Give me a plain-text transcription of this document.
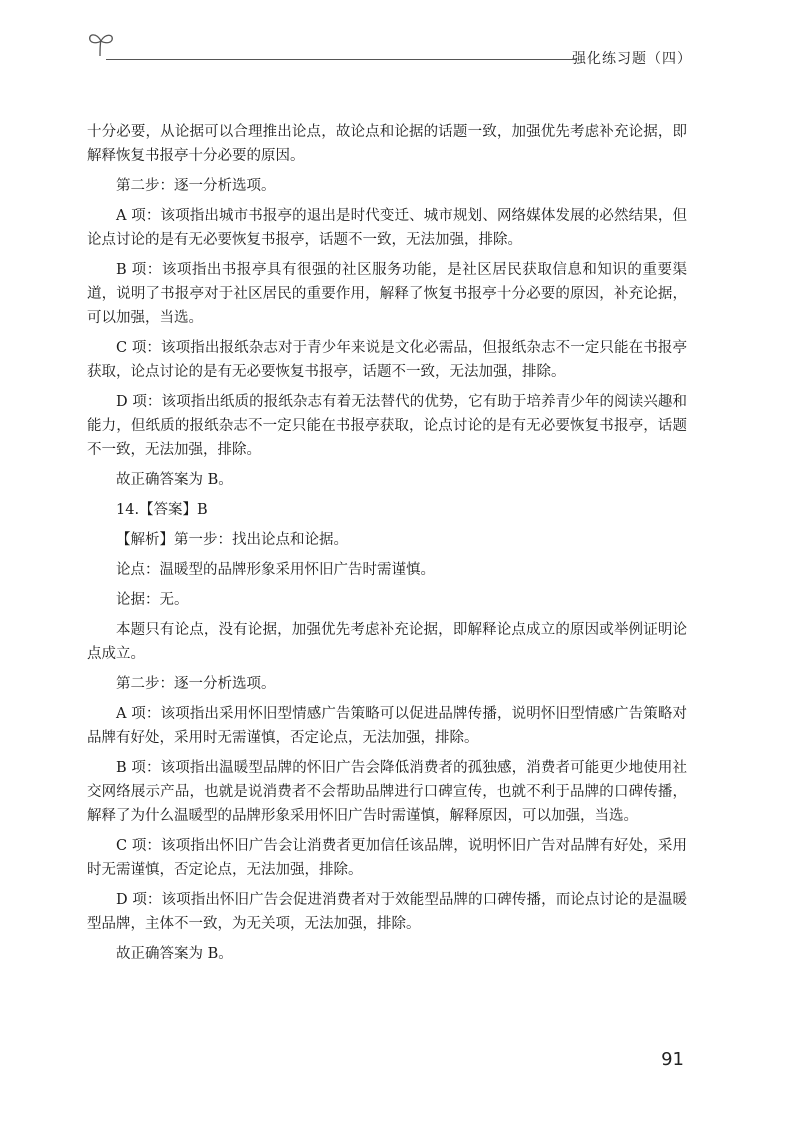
强化练习题（四）

十分必要，从论据可以合理推出论点，故论点和论据的话题一致，加强优先考虑补充论据，即解释恢复书报亭十分必要的原因。

第二步：逐一分析选项。

A 项：该项指出城市书报亭的退出是时代变迁、城市规划、网络媒体发展的必然结果，但论点讨论的是有无必要恢复书报亭，话题不一致，无法加强，排除。

B 项：该项指出书报亭具有很强的社区服务功能，是社区居民获取信息和知识的重要渠道，说明了书报亭对于社区居民的重要作用，解释了恢复书报亭十分必要的原因，补充论据，可以加强，当选。

C 项：该项指出报纸杂志对于青少年来说是文化必需品，但报纸杂志不一定只能在书报亭获取，论点讨论的是有无必要恢复书报亭，话题不一致，无法加强，排除。

D 项：该项指出纸质的报纸杂志有着无法替代的优势，它有助于培养青少年的阅读兴趣和能力，但纸质的报纸杂志不一定只能在书报亭获取，论点讨论的是有无必要恢复书报亭，话题不一致，无法加强，排除。

故正确答案为 B。

14.【答案】B

【解析】第一步：找出论点和论据。

论点：温暖型的品牌形象采用怀旧广告时需谨慎。

论据：无。

本题只有论点，没有论据，加强优先考虑补充论据，即解释论点成立的原因或举例证明论点成立。

第二步：逐一分析选项。

A 项：该项指出采用怀旧型情感广告策略可以促进品牌传播，说明怀旧型情感广告策略对品牌有好处，采用时无需谨慎，否定论点，无法加强，排除。

B 项：该项指出温暖型品牌的怀旧广告会降低消费者的孤独感，消费者可能更少地使用社交网络展示产品，也就是说消费者不会帮助品牌进行口碑宣传，也就不利于品牌的口碑传播，解释了为什么温暖型的品牌形象采用怀旧广告时需谨慎，解释原因，可以加强，当选。

C 项：该项指出怀旧广告会让消费者更加信任该品牌，说明怀旧广告对品牌有好处，采用时无需谨慎，否定论点，无法加强，排除。

D 项：该项指出怀旧广告会促进消费者对于效能型品牌的口碑传播，而论点讨论的是温暖型品牌，主体不一致，为无关项，无法加强，排除。

故正确答案为 B。

91
